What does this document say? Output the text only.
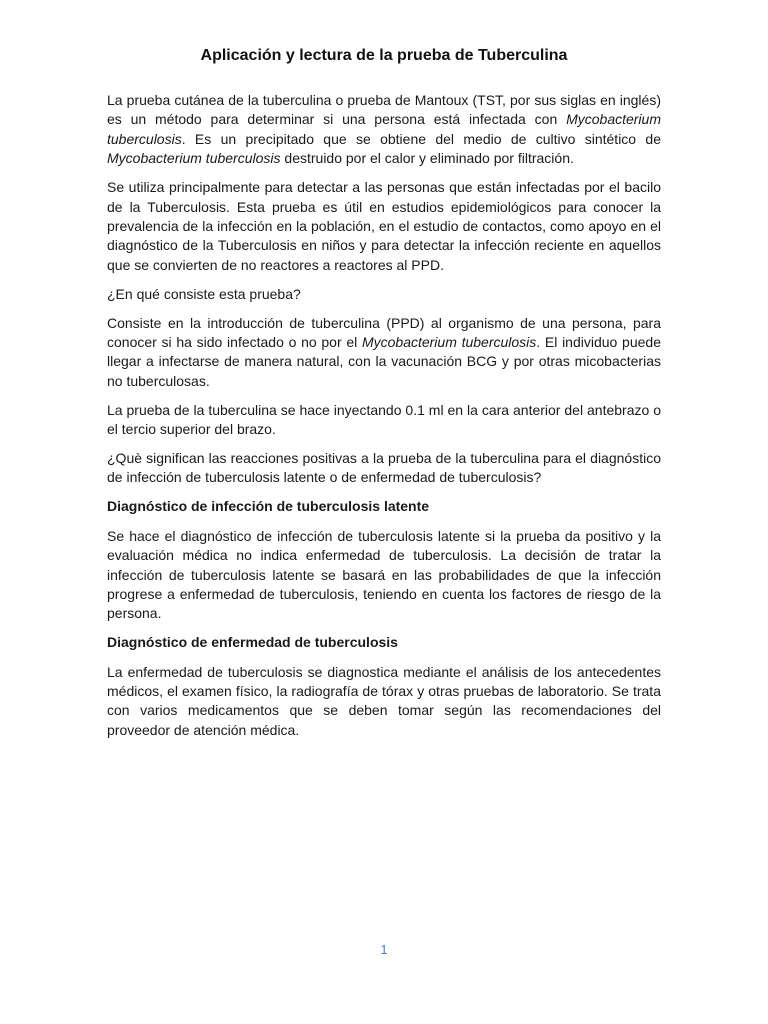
Aplicación y lectura de la prueba de Tuberculina

La prueba cutánea de la tuberculina o prueba de Mantoux (TST, por sus siglas en inglés) es un método para determinar si una persona está infectada con Mycobacterium tuberculosis. Es un precipitado que se obtiene del medio de cultivo sintético de Mycobacterium tuberculosis destruido por el calor y eliminado por filtración.

Se utiliza principalmente para detectar a las personas que están infectadas por el bacilo de la Tuberculosis. Esta prueba es útil en estudios epidemiológicos para conocer la prevalencia de la infección en la población, en el estudio de contactos, como apoyo en el diagnóstico de la Tuberculosis en niños y para detectar la infección reciente en aquellos que se convierten de no reactores a reactores al PPD.

¿En qué consiste esta prueba?

Consiste en la introducción de tuberculina (PPD) al organismo de una persona, para conocer si ha sido infectado o no por el Mycobacterium tuberculosis. El individuo puede llegar a infectarse de manera natural, con la vacunación BCG y por otras micobacterias no tuberculosas.

La prueba de la tuberculina se hace inyectando 0.1 ml en la cara anterior del antebrazo o el tercio superior del brazo.

¿Què significan las reacciones positivas a la prueba de la tuberculina para el diagnóstico de infección de tuberculosis latente o de enfermedad de tuberculosis?

Diagnóstico de infección de tuberculosis latente

Se hace el diagnóstico de infección de tuberculosis latente si la prueba da positivo y la evaluación médica no indica enfermedad de tuberculosis. La decisión de tratar la infección de tuberculosis latente se basará en las probabilidades de que la infección progrese a enfermedad de tuberculosis, teniendo en cuenta los factores de riesgo de la persona.

Diagnóstico de enfermedad de tuberculosis

La enfermedad de tuberculosis se diagnostica mediante el análisis de los antecedentes médicos, el examen físico, la radiografía de tórax y otras pruebas de laboratorio. Se trata con varios medicamentos que se deben tomar según las recomendaciones del proveedor de atención médica.

1
